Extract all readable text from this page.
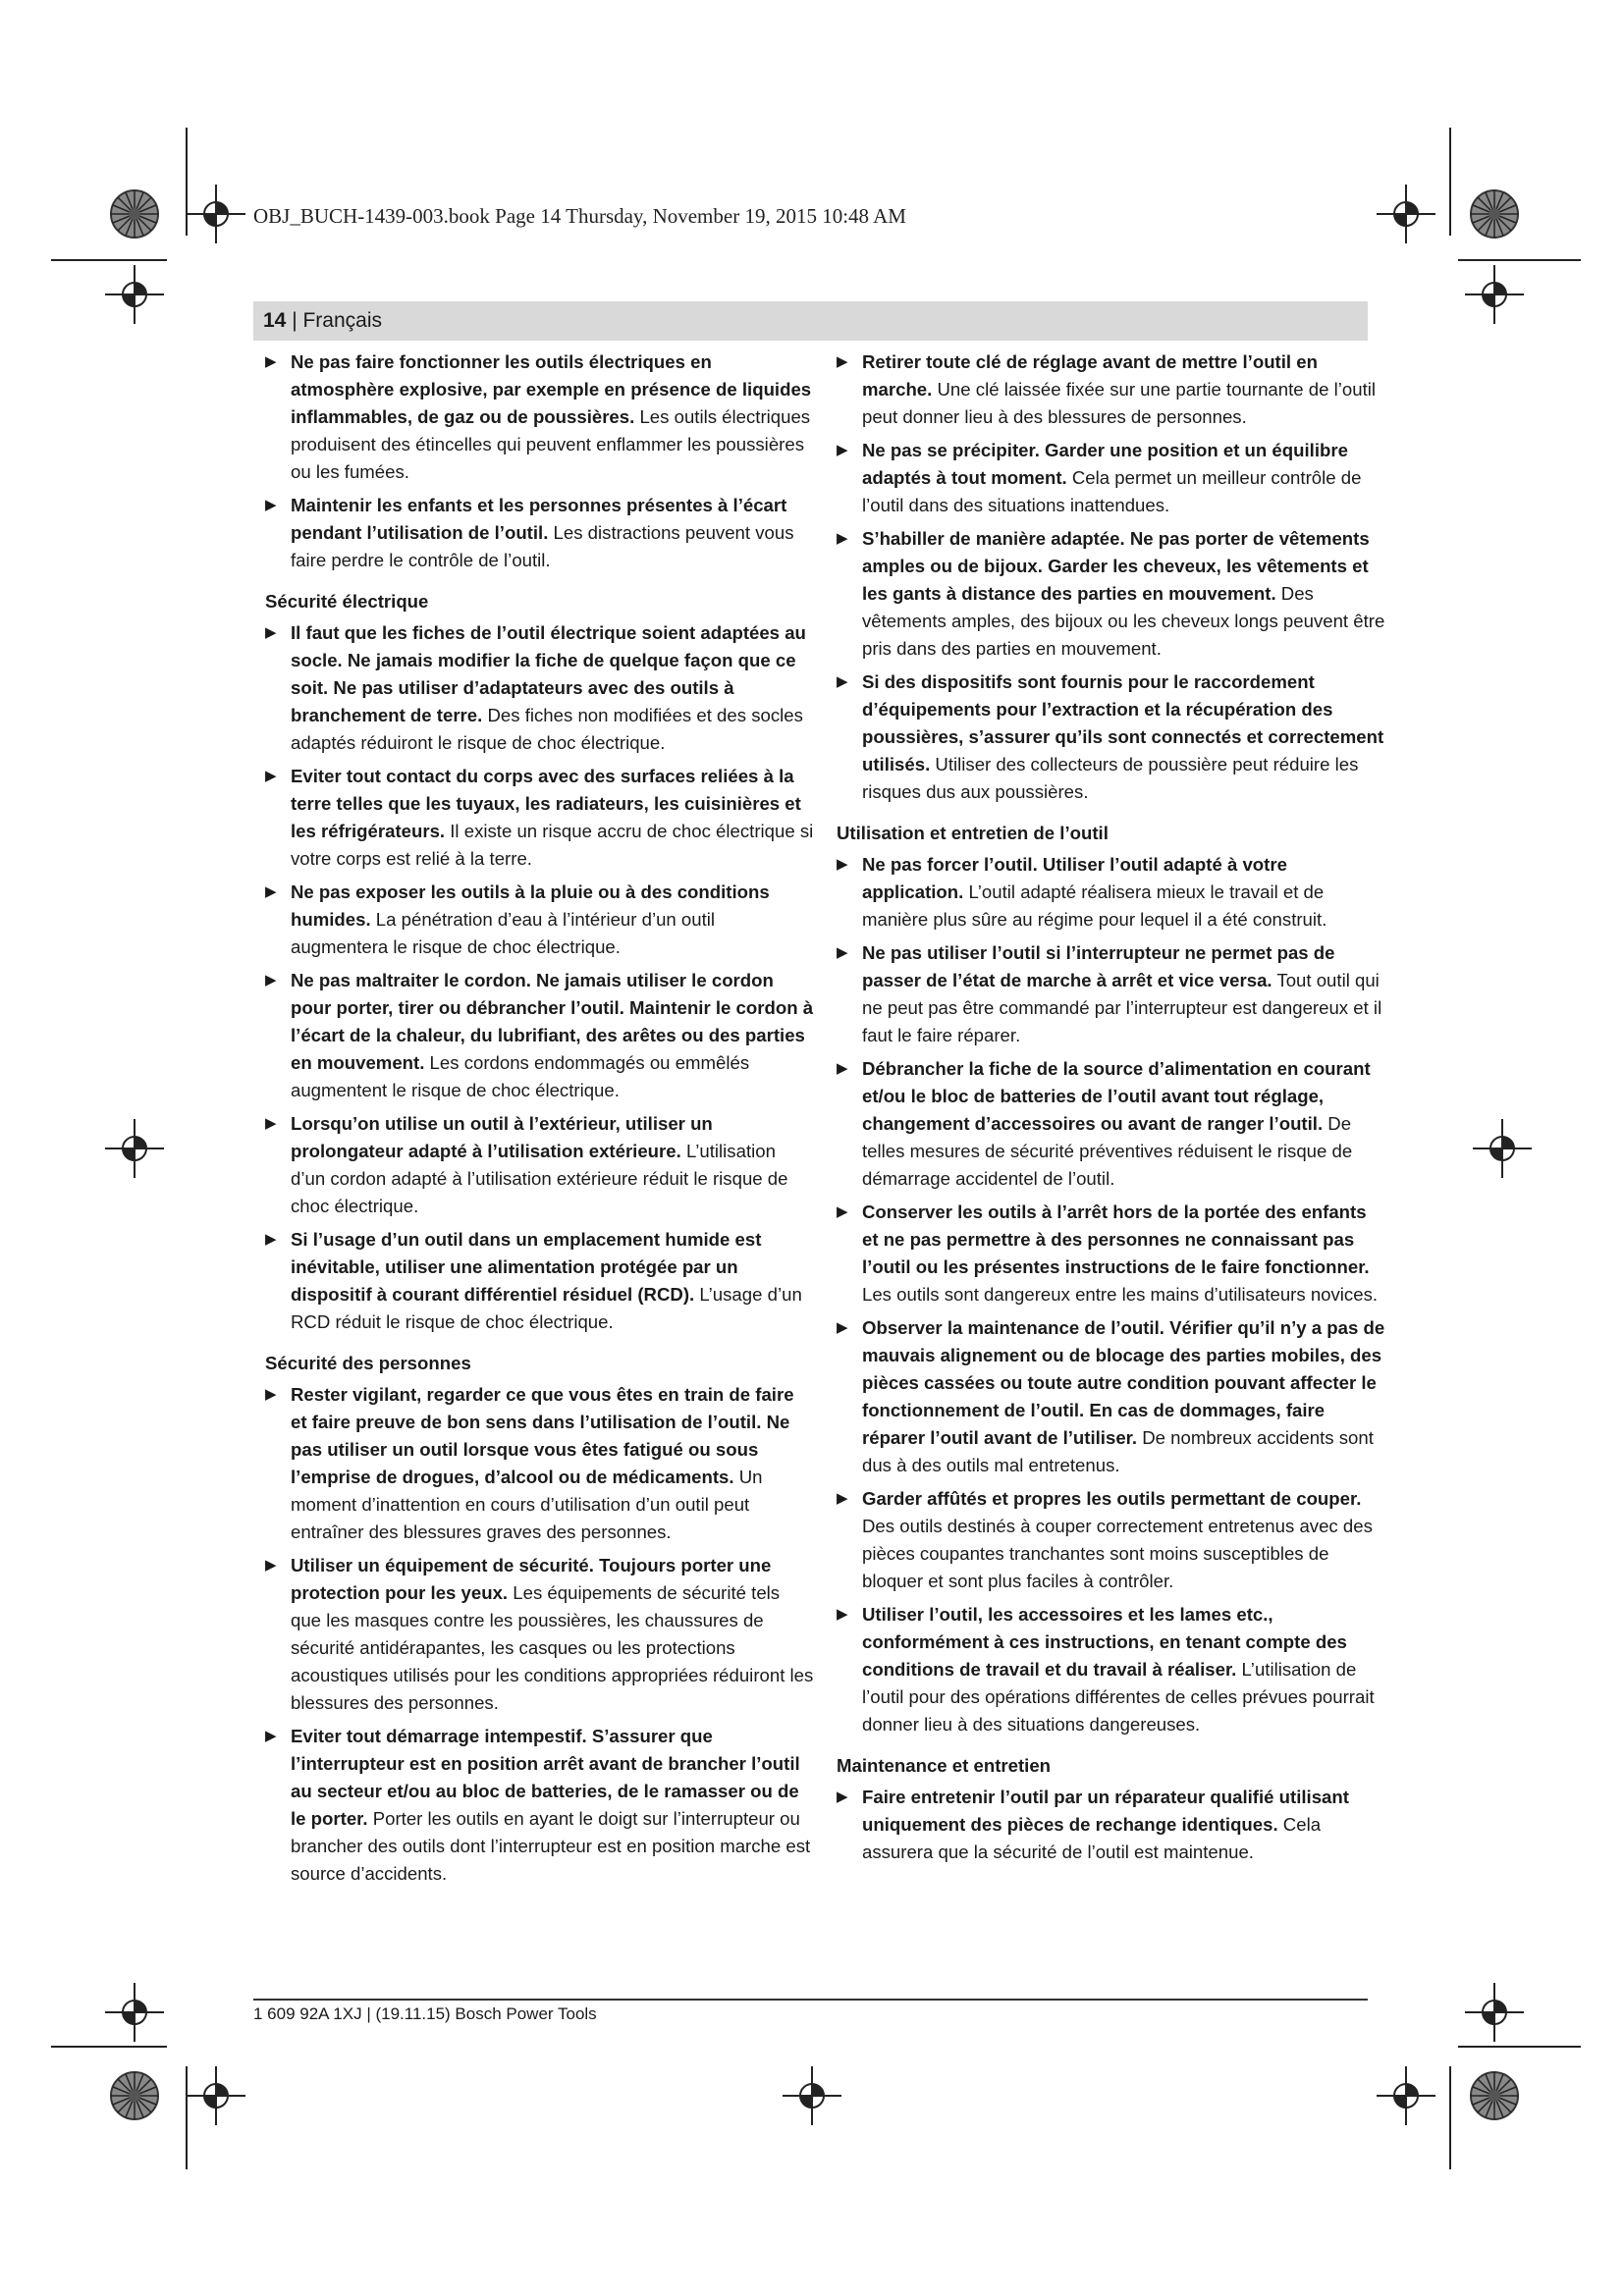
OBJ_BUCH-1439-003.book Page 14 Thursday, November 19, 2015 10:48 AM
14 | Français
▶ Ne pas faire fonctionner les outils électriques en atmosphère explosive, par exemple en présence de liquides inflammables, de gaz ou de poussières. Les outils électriques produisent des étincelles qui peuvent enflammer les poussières ou les fumées.
▶ Maintenir les enfants et les personnes présentes à l’écart pendant l’utilisation de l’outil. Les distractions peuvent vous faire perdre le contrôle de l’outil.
Sécurité électrique
▶ Il faut que les fiches de l’outil électrique soient adaptées au socle. Ne jamais modifier la fiche de quelque façon que ce soit. Ne pas utiliser d’adaptateurs avec des outils à branchement de terre. Des fiches non modifiées et des socles adaptés réduiront le risque de choc électrique.
▶ Eviter tout contact du corps avec des surfaces reliées à la terre telles que les tuyaux, les radiateurs, les cuisinières et les réfrigérateurs. Il existe un risque accru de choc électrique si votre corps est relié à la terre.
▶ Ne pas exposer les outils à la pluie ou à des conditions humides. La pénétration d’eau à l’intérieur d’un outil augmentera le risque de choc électrique.
▶ Ne pas maltraiter le cordon. Ne jamais utiliser le cordon pour porter, tirer ou débrancher l’outil. Maintenir le cordon à l’écart de la chaleur, du lubrifiant, des arêtes ou des parties en mouvement. Les cordons endommagés ou emmêlés augmentent le risque de choc électrique.
▶ Lorsqu’on utilise un outil à l’extérieur, utiliser un prolongateur adapté à l’utilisation extérieure. L’utilisation d’un cordon adapté à l’utilisation extérieure réduit le risque de choc électrique.
▶ Si l’usage d’un outil dans un emplacement humide est inévitable, utiliser une alimentation protégée par un dispositif à courant différentiel résiduel (RCD). L’usage d’un RCD réduit le risque de choc électrique.
Sécurité des personnes
▶ Rester vigilant, regarder ce que vous êtes en train de faire et faire preuve de bon sens dans l’utilisation de l’outil. Ne pas utiliser un outil lorsque vous êtes fatigué ou sous l’emprise de drogues, d’alcool ou de médicaments. Un moment d’inattention en cours d’utilisation d’un outil peut entraîner des blessures graves des personnes.
▶ Utiliser un équipement de sécurité. Toujours porter une protection pour les yeux. Les équipements de sécurité tels que les masques contre les poussières, les chaussures de sécurité antidérapantes, les casques ou les protections acoustiques utilisés pour les conditions appropriées réduiront les blessures des personnes.
▶ Eviter tout démarrage intempestif. S’assurer que l’interrupteur est en position arrêt avant de brancher l’outil au secteur et/ou au bloc de batteries, de le ramasser ou de le porter. Porter les outils en ayant le doigt sur l’interrupteur ou brancher des outils dont l’interrupteur est en position marche est source d’accidents.
▶ Retirer toute clé de réglage avant de mettre l’outil en marche. Une clé laissée fixée sur une partie tournante de l’outil peut donner lieu à des blessures de personnes.
▶ Ne pas se précipiter. Garder une position et un équilibre adaptés à tout moment. Cela permet un meilleur contrôle de l’outil dans des situations inattendues.
▶ S’habiller de manière adaptée. Ne pas porter de vêtements amples ou de bijoux. Garder les cheveux, les vêtements et les gants à distance des parties en mouvement. Des vêtements amples, des bijoux ou les cheveux longs peuvent être pris dans des parties en mouvement.
▶ Si des dispositifs sont fournis pour le raccordement d’équipements pour l’extraction et la récupération des poussières, s’assurer qu’ils sont connectés et correctement utilisés. Utiliser des collecteurs de poussière peut réduire les risques dus aux poussières.
Utilisation et entretien de l’outil
▶ Ne pas forcer l’outil. Utiliser l’outil adapté à votre application. L’outil adapté réalisera mieux le travail et de manière plus sûre au régime pour lequel il a été construit.
▶ Ne pas utiliser l’outil si l’interrupteur ne permet pas de passer de l’état de marche à arrêt et vice versa. Tout outil qui ne peut pas être commandé par l’interrupteur est dangereux et il faut le faire réparer.
▶ Débrancher la fiche de la source d’alimentation en courant et/ou le bloc de batteries de l’outil avant tout réglage, changement d’accessoires ou avant de ranger l’outil. De telles mesures de sécurité préventives réduisent le risque de démarrage accidentel de l’outil.
▶ Conserver les outils à l’arrêt hors de la portée des enfants et ne pas permettre à des personnes ne connaissant pas l’outil ou les présentes instructions de le faire fonctionner. Les outils sont dangereux entre les mains d’utilisateurs novices.
▶ Observer la maintenance de l’outil. Vérifier qu’il n’y a pas de mauvais alignement ou de blocage des parties mobiles, des pièces cassées ou toute autre condition pouvant affecter le fonctionnement de l’outil. En cas de dommages, faire réparer l’outil avant de l’utiliser. De nombreux accidents sont dus à des outils mal entretenus.
▶ Garder affûtés et propres les outils permettant de couper. Des outils destinés à couper correctement entretenus avec des pièces coupantes tranchantes sont moins susceptibles de bloquer et sont plus faciles à contrôler.
▶ Utiliser l’outil, les accessoires et les lames etc., conformément à ces instructions, en tenant compte des conditions de travail et du travail à réaliser. L’utilisation de l’outil pour des opérations différentes de celles prévues pourrait donner lieu à des situations dangereuses.
Maintenance et entretien
▶ Faire entretenir l’outil par un réparateur qualifié utilisant uniquement des pièces de rechange identiques. Cela assurera que la sécurité de l’outil est maintenue.
1 609 92A 1XJ | (19.11.15) Bosch Power Tools
